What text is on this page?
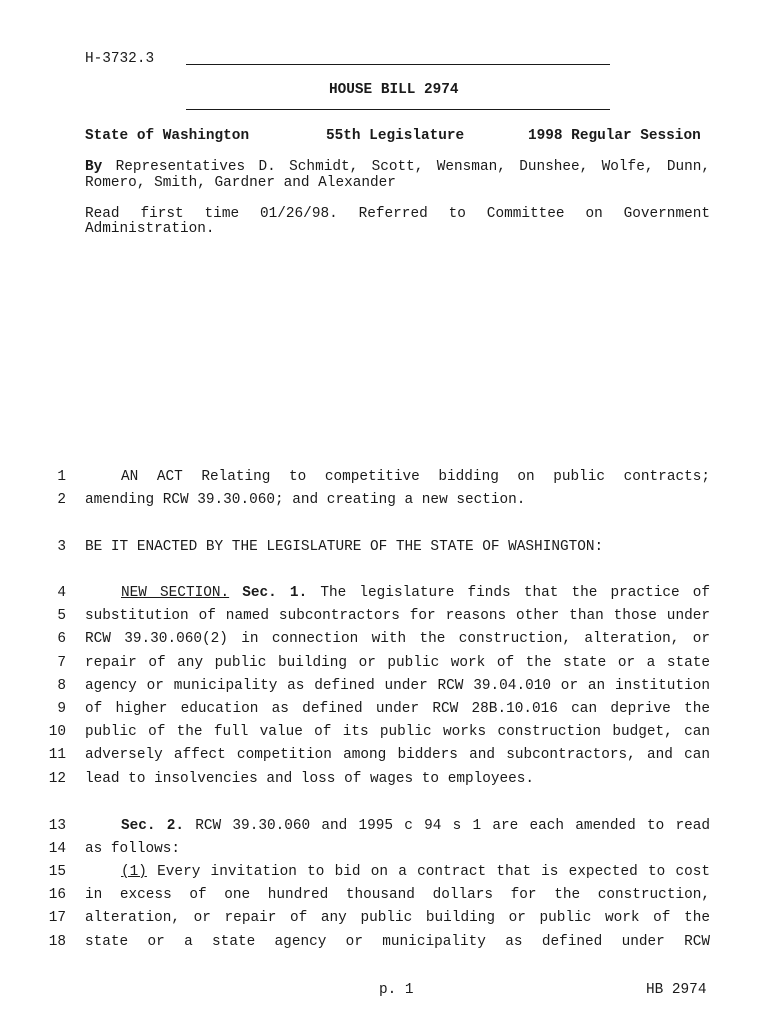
H-3732.3
HOUSE BILL 2974
State of Washington	55th Legislature	1998 Regular Session
By Representatives D. Schmidt, Scott, Wensman, Dunshee, Wolfe, Dunn,
Romero, Smith, Gardner and Alexander
Read first time 01/26/98. Referred to Committee on Government
Administration.
1	AN ACT Relating to competitive bidding on public contracts;
2 amending RCW 39.30.060; and creating a new section.
3 BE IT ENACTED BY THE LEGISLATURE OF THE STATE OF WASHINGTON:
4	NEW SECTION. Sec. 1. The legislature finds that the practice of
5 substitution of named subcontractors for reasons other than those under
6 RCW 39.30.060(2) in connection with the construction, alteration, or
7 repair of any public building or public work of the state or a state
8 agency or municipality as defined under RCW 39.04.010 or an institution
9 of higher education as defined under RCW 28B.10.016 can deprive the
10 public of the full value of its public works construction budget, can
11 adversely affect competition among bidders and subcontractors, and can
12 lead to insolvencies and loss of wages to employees.
13	Sec. 2. RCW 39.30.060 and 1995 c 94 s 1 are each amended to read
14 as follows:
15	(1) Every invitation to bid on a contract that is expected to cost
16 in excess of one hundred thousand dollars for the construction,
17 alteration, or repair of any public building or public work of the
18 state or a state agency or municipality as defined under RCW
p. 1	HB 2974
